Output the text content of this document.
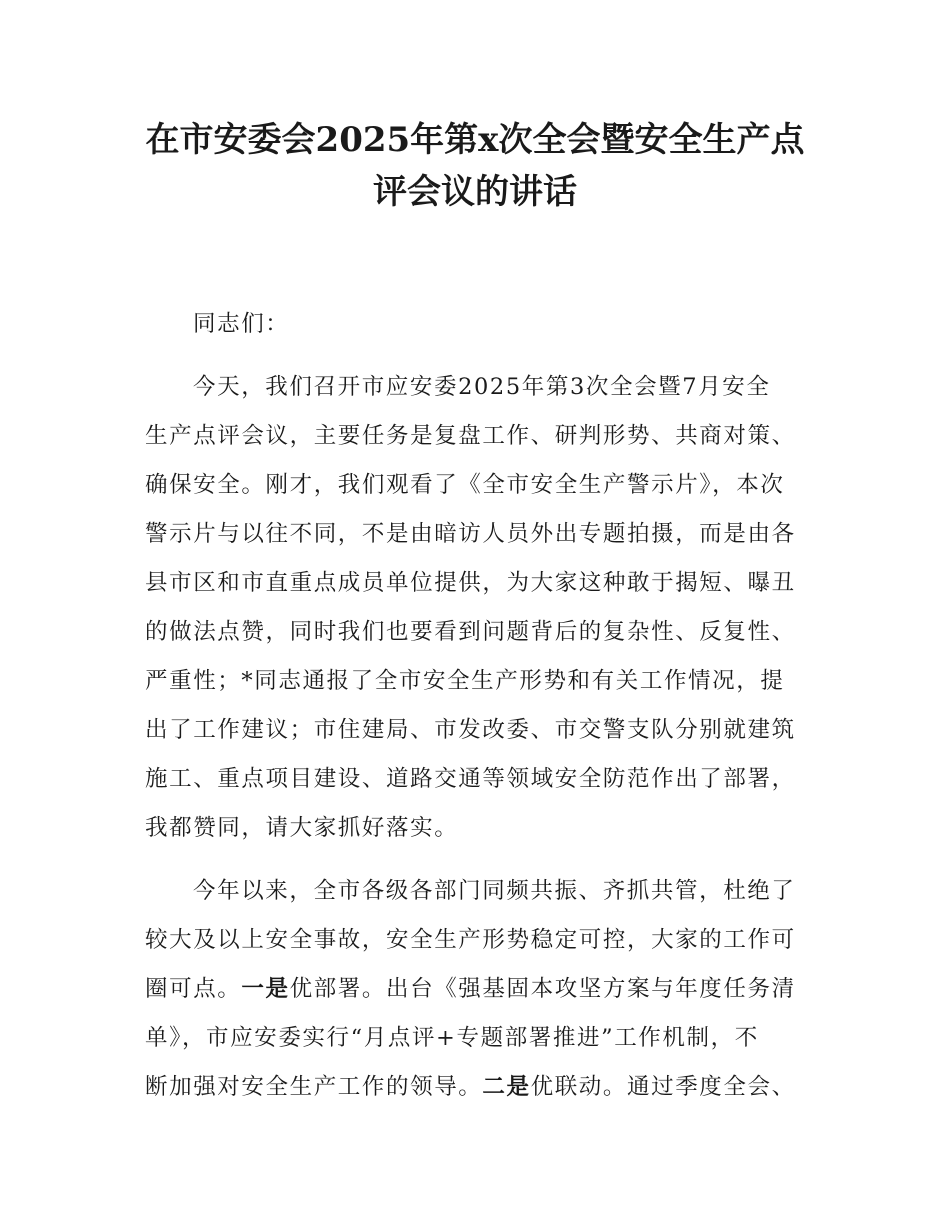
在市安委会2025年第x次全会暨安全生产点
评会议的讲话
同志们：
今天，我们召开市应安委2025年第3次全会暨7月安全
生产点评会议，主要任务是复盘工作、研判形势、共商对策、
确保安全。刚才，我们观看了《全市安全生产警示片》，本次
警示片与以往不同，不是由暗访人员外出专题拍摄，而是由各
县市区和市直重点成员单位提供，为大家这种敢于揭短、曝丑
的做法点赞，同时我们也要看到问题背后的复杂性、反复性、
严重性；*同志通报了全市安全生产形势和有关工作情况，提
出了工作建议；市住建局、市发改委、市交警支队分别就建筑
施工、重点项目建设、道路交通等领域安全防范作出了部署，
我都赞同，请大家抓好落实。
今年以来，全市各级各部门同频共振、齐抓共管，杜绝了
较大及以上安全事故，安全生产形势稳定可控，大家的工作可
圈可点。一是优部署。出台《强基固本攻坚方案与年度任务清
单》，市应安委实行“月点评+专题部署推进”工作机制，不
断加强对安全生产工作的领导。二是优联动。通过季度全会、
